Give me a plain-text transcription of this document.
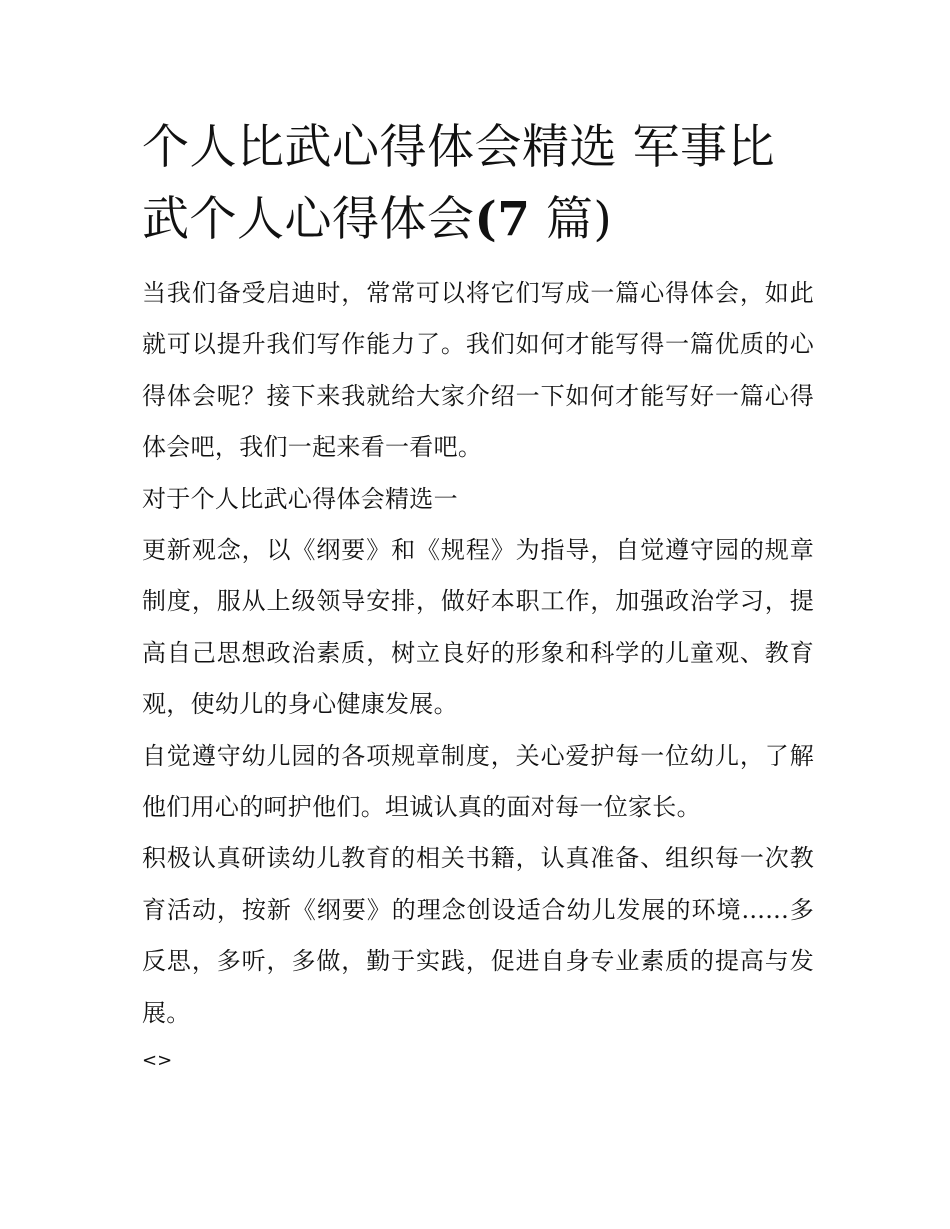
个人比武心得体会精选 军事比武个人心得体会(7 篇)

当我们备受启迪时，常常可以将它们写成一篇心得体会，如此就可以提升我们写作能力了。我们如何才能写得一篇优质的心得体会呢？接下来我就给大家介绍一下如何才能写好一篇心得体会吧，我们一起来看一看吧。

对于个人比武心得体会精选一

更新观念，以《纲要》和《规程》为指导，自觉遵守园的规章制度，服从上级领导安排，做好本职工作，加强政治学习，提高自己思想政治素质，树立良好的形象和科学的儿童观、教育观，使幼儿的身心健康发展。

自觉遵守幼儿园的各项规章制度，关心爱护每一位幼儿，了解他们用心的呵护他们。坦诚认真的面对每一位家长。

积极认真研读幼儿教育的相关书籍，认真准备、组织每一次教育活动，按新《纲要》的理念创设适合幼儿发展的环境......多反思，多听，多做，勤于实践，促进自身专业素质的提高与发展。

<>
